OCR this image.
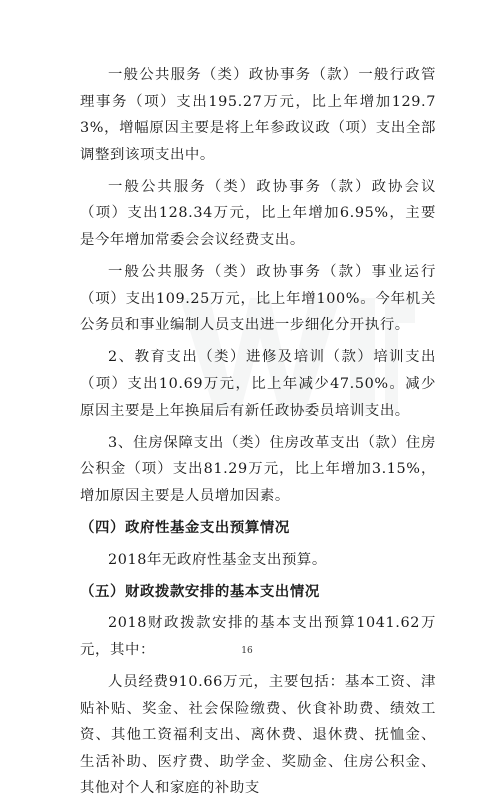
一般公共服务（类）政协事务（款）一般行政管理事务（项）支出195.27万元，比上年增加129.73%，增幅原因主要是将上年参政议政（项）支出全部调整到该项支出中。

一般公共服务（类）政协事务（款）政协会议（项）支出128.34万元，比上年增加6.95%，主要是今年增加常委会会议经费支出。

一般公共服务（类）政协事务（款）事业运行（项）支出109.25万元，比上年增100%。今年机关公务员和事业编制人员支出进一步细化分开执行。

2、教育支出（类）进修及培训（款）培训支出（项）支出10.69万元，比上年减少47.50%。减少原因主要是上年换届后有新任政协委员培训支出。

3、住房保障支出（类）住房改革支出（款）住房公积金（项）支出81.29万元，比上年增加3.15%，增加原因主要是人员增加因素。

（四）政府性基金支出预算情况

2018年无政府性基金支出预算。

（五）财政拨款安排的基本支出情况

2018财政拨款安排的基本支出预算1041.62万元，其中：

人员经费910.66万元，主要包括：基本工资、津贴补贴、奖金、社会保险缴费、伙食补助费、绩效工资、其他工资福利支出、离休费、退休费、抚恤金、生活补助、医疗费、助学金、奖励金、住房公积金、其他对个人和家庭的补助支

16
